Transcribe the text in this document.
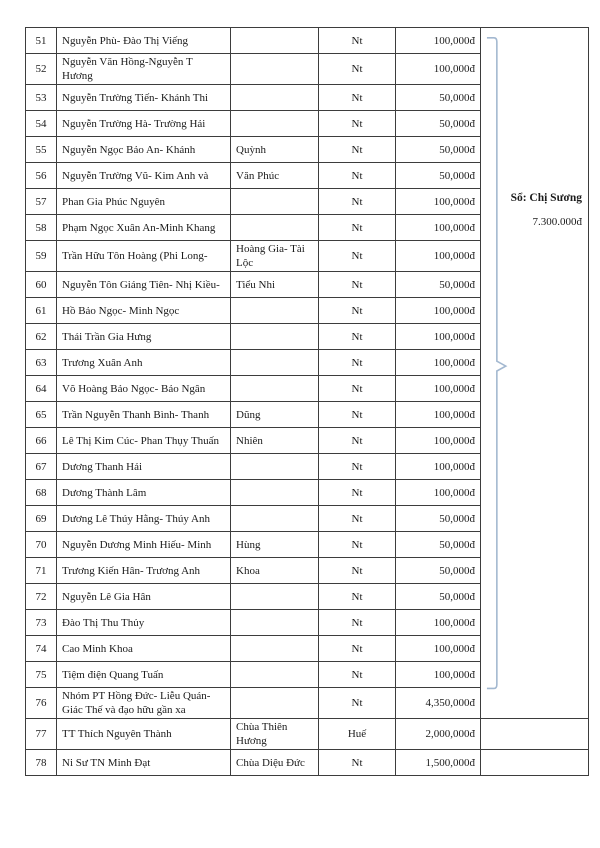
51	Nguyễn Phù- Đào Thị Viếng		Nt	100,000đ	Sổ: Chị Sương
7.300.000đ

52	Nguyễn Văn Hồng-Nguyễn T Hương		Nt	100,000đ	
53	Nguyễn Trường Tiến- Khánh Thi		Nt	50,000đ	
54	Nguyễn Trường Hà- Trường Hải		Nt	50,000đ	
55	Nguyễn Ngọc Bảo An- Khánh	Quỳnh	Nt	50,000đ	
56	Nguyễn Trường Vũ- Kim Anh và	Văn Phúc	Nt	50,000đ	
57	Phan Gia Phúc Nguyên		Nt	100,000đ	
58	Phạm Ngọc Xuân An-Minh Khang		Nt	100,000đ	
59	Trần Hữu Tôn Hoàng (Phi Long-	Hoàng Gia- Tài Lộc	Nt	100,000đ	
60	Nguyễn Tôn Giáng Tiên- Nhị Kiều-	Tiểu Nhi	Nt	50,000đ	
61	Hồ Bảo Ngọc- Minh Ngọc		Nt	100,000đ	
62	Thái Trần Gia Hưng		Nt	100,000đ	
63	Trương Xuân Anh		Nt	100,000đ	
64	Võ Hoàng Bảo Ngọc- Bảo Ngân		Nt	100,000đ	
65	Trần Nguyễn Thanh Bình- Thanh	Dũng	Nt	100,000đ	
66	Lê Thị Kim Cúc- Phan Thụy Thuấn	Nhiên	Nt	100,000đ	
67	Dương Thanh Hải		Nt	100,000đ	
68	Dương Thành Lâm		Nt	100,000đ	
69	Dương Lê Thúy Hằng- Thúy Anh		Nt	50,000đ	
70	Nguyễn Dương Minh Hiếu- Minh	Hùng	Nt	50,000đ	
71	Trương Kiến Hân- Trương Anh	Khoa	Nt	50,000đ	
72	Nguyễn Lê Gia Hân		Nt	50,000đ	
73	Đào Thị Thu Thủy		Nt	100,000đ	
74	Cao Minh Khoa		Nt	100,000đ	
75	Tiệm điện Quang Tuấn		Nt	100,000đ	
76	Nhóm PT Hồng Đức- Liễu Quán- Giác Thế và đạo hữu gần xa		Nt	4,350,000đ	
77	TT Thích Nguyên Thành	Chùa Thiên Hương	Huế	2,000,000đ	
78	Ni Sư TN Minh Đạt	Chùa Diệu Đức	Nt	1,500,000đ	
